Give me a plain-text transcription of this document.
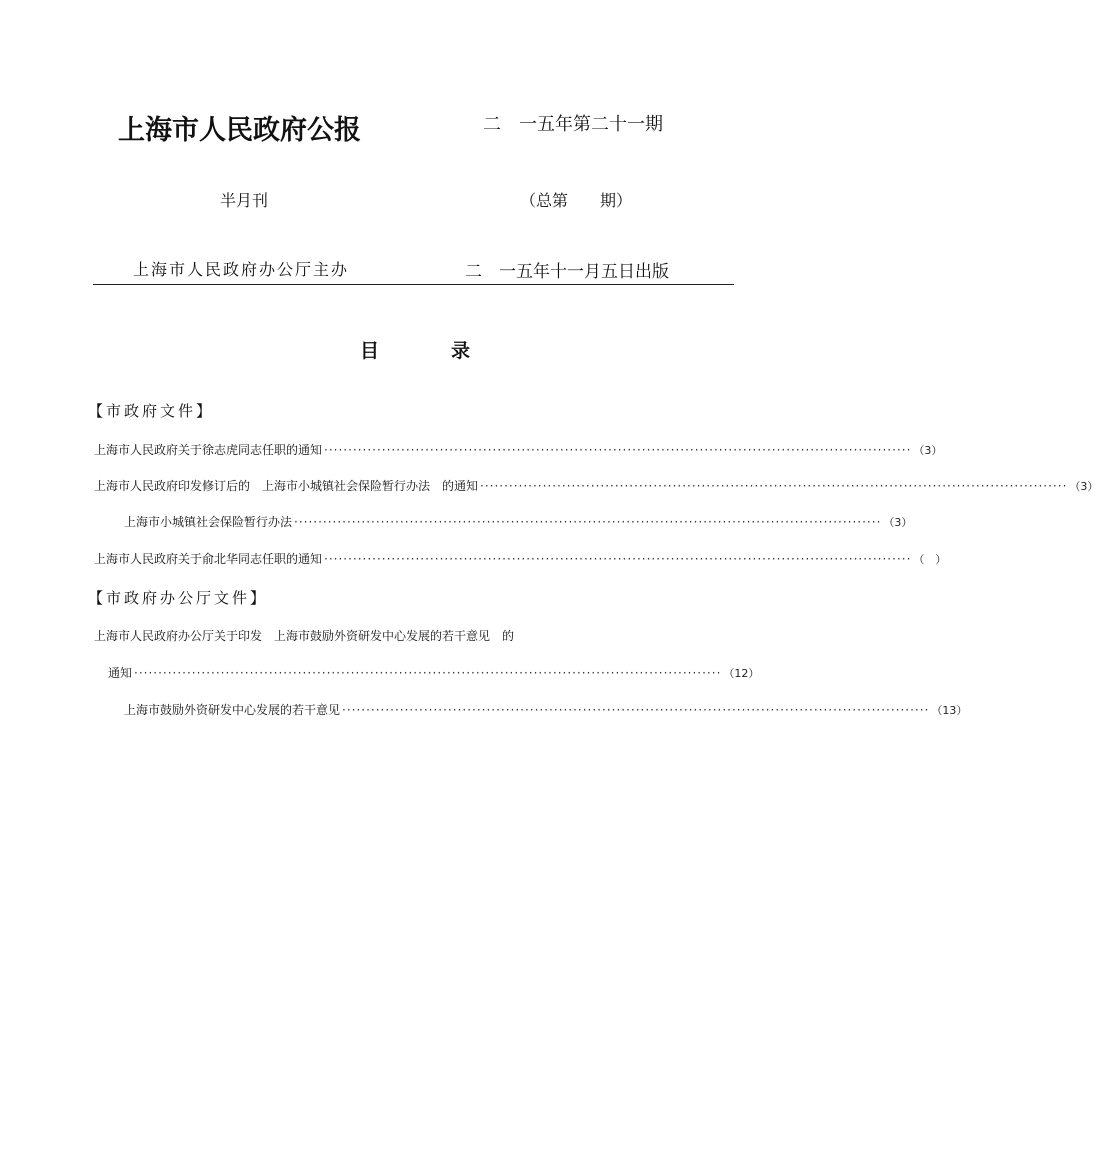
上海市人民政府公报	二　一五年第二十一期
半月刊	（总第　　期）
上海市人民政府办公厅主办	二　一五年十一月五日出版
目录
【市政府文件】
上海市人民政府关于徐志虎同志任职的通知 ·························································································································· （3）
上海市人民政府印发修订后的　上海市小城镇社会保险暂行办法　的通知 ·························································································································· （3）
上海市小城镇社会保险暂行办法 ·························································································································· （3）
上海市人民政府关于俞北华同志任职的通知 ·························································································································· （　）
【市政府办公厅文件】
上海市人民政府办公厅关于印发　上海市鼓励外资研发中心发展的若干意见　的
通知 ·························································································································· （12）
上海市鼓励外资研发中心发展的若干意见 ·························································································································· （13）
